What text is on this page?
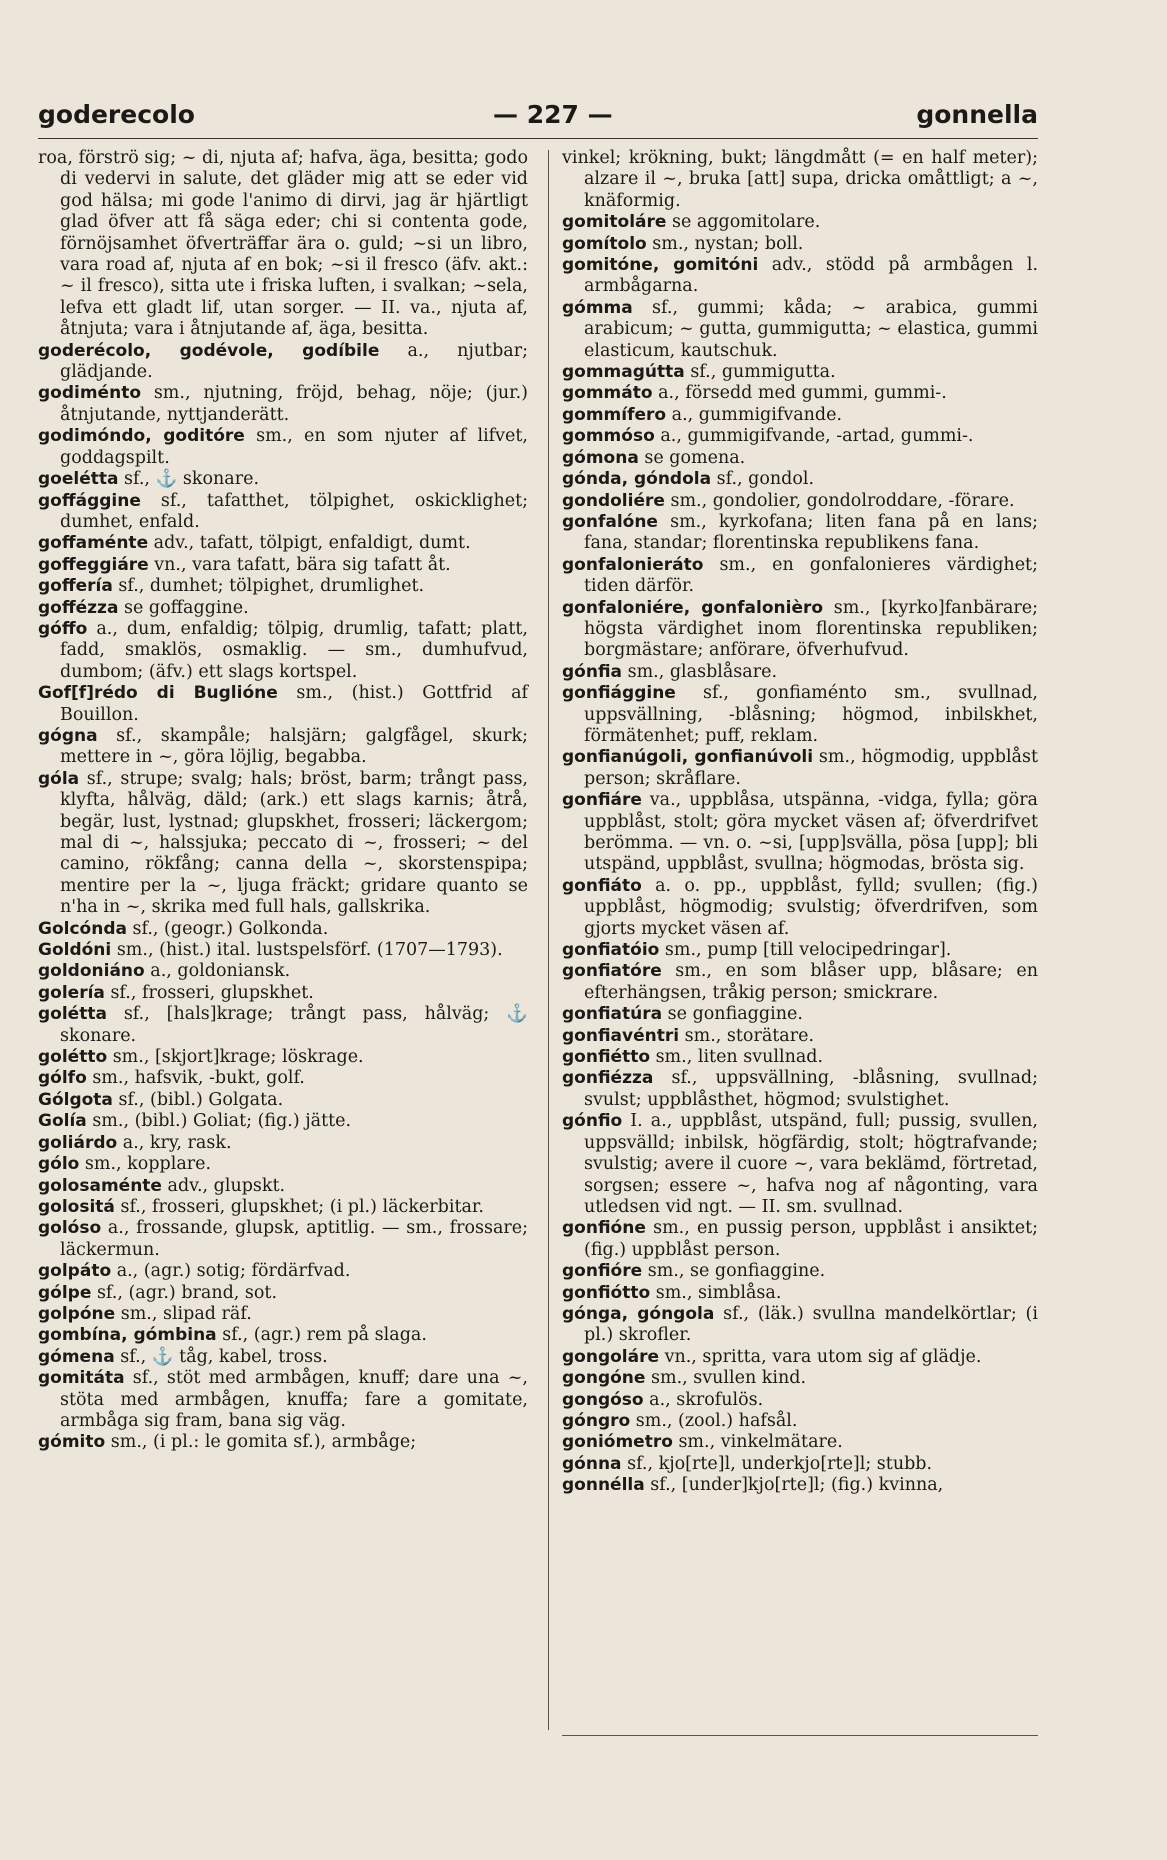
goderecolo	— 227 —	gonnella

roa, förströ sig; ~ di, njuta af; hafva, äga, besitta; godo di vedervi in salute, det gläder mig att se eder vid god hälsa; mi gode l'animo di dirvi, jag är hjärtligt glad öfver att få säga eder; chi si contenta gode, förnöjsamhet öfverträffar ära o. guld; ~si un libro, vara road af, njuta af en bok; ~si il fresco (äfv. akt.: ~ il fresco), sitta ute i friska luften, i svalkan; ~sela, lefva ett gladt lif, utan sorger. — II. va., njuta af, åtnjuta; vara i åtnjutande af, äga, besitta.

goderécolo, godévole, godíbile a., njutbar; glädjande.

godiménto sm., njutning, fröjd, behag, nöje; (jur.) åtnjutande, nyttjanderätt.

godimóndo, goditóre sm., en som njuter af lifvet, goddagspilt.

goelétta sf., ⚓ skonare.

goffággine sf., tafatthet, tölpighet, oskicklighet; dumhet, enfald.

goffaménte adv., tafatt, tölpigt, enfaldigt, dumt.

goffeggiáre vn., vara tafatt, bära sig tafatt åt.

goffería sf., dumhet; tölpighet, drumlighet.

goffézza se goffaggine.

góffo a., dum, enfaldig; tölpig, drumlig, tafatt; platt, fadd, smaklös, osmaklig. — sm., dumhufvud, dumbom; (äfv.) ett slags kortspel.

Gof[f]rédo di Buglióne sm., (hist.) Gottfrid af Bouillon.

gógna sf., skampåle; halsjärn; galgfågel, skurk; mettere in ~, göra löjlig, begabba.

góla sf., strupe; svalg; hals; bröst, barm; trångt pass, klyfta, hålväg, däld; (ark.) ett slags karnis; åtrå, begär, lust, lystnad; glupskhet, frosseri; läckergom; mal di ~, halssjuka; peccato di ~, frosseri; ~ del camino, rökfång; canna della ~, skorstenspipa; mentire per la ~, ljuga fräckt; gridare quanto se n'ha in ~, skrika med full hals, gallskrika.

Golcónda sf., (geogr.) Golkonda.

Goldóni sm., (hist.) ital. lustspelsförf. (1707—1793).

goldoniáno a., goldoniansk.

golería sf., frosseri, glupskhet.

golétta sf., [hals]krage; trångt pass, hålväg; ⚓ skonare.

golétto sm., [skjort]krage; löskrage.

gólfo sm., hafsvik, -bukt, golf.

Gólgota sf., (bibl.) Golgata.

Golía sm., (bibl.) Goliat; (fig.) jätte.

goliárdo a., kry, rask.

gólo sm., kopplare.

golosaménte adv., glupskt.

golositá sf., frosseri, glupskhet; (i pl.) läckerbitar.

golóso a., frossande, glupsk, aptitlig. — sm., frossare; läckermun.

golpáto a., (agr.) sotig; fördärfvad.

gólpe sf., (agr.) brand, sot.

golpóne sm., slipad räf.

gombína, gómbina sf., (agr.) rem på slaga.

gómena sf., ⚓ tåg, kabel, tross.

gomitáta sf., stöt med armbågen, knuff; dare una ~, stöta med armbågen, knuffa; fare a gomitate, armbåga sig fram, bana sig väg.

gómito sm., (i pl.: le gomita sf.), armbåge;

vinkel; krökning, bukt; längdmått (= en half meter); alzare il ~, bruka [att] supa, dricka omåttligt; a ~, knäformig.

gomitoláre se aggomitolare.

gomítolo sm., nystan; boll.

gomitóne, gomitóni adv., stödd på armbågen l. armbågarna.

gómma sf., gummi; kåda; ~ arabica, gummi arabicum; ~ gutta, gummigutta; ~ elastica, gummi elasticum, kautschuk.

gommagútta sf., gummigutta.

gommáto a., försedd med gummi, gummi-.

gommífero a., gummigifvande.

gommóso a., gummigifvande, -artad, gummi-.

gómona se gomena.

gónda, góndola sf., gondol.

gondoliére sm., gondolier, gondolroddare, -förare.

gonfalóne sm., kyrkofana; liten fana på en lans; fana, standar; florentinska republikens fana.

gonfalonieráto sm., en gonfalonieres värdighet; tiden därför.

gonfaloniére, gonfalonièro sm., [kyrko]fanbärare; högsta värdighet inom florentinska republiken; borgmästare; anförare, öfverhufvud.

gónfia sm., glasblåsare.

gonfiággine sf., gonfiaménto sm., svullnad, uppsvällning, -blåsning; högmod, inbilskhet, förmätenhet; puff, reklam.

gonfianúgoli, gonfianúvoli sm., högmodig, uppblåst person; skråflare.

gonfiáre va., uppblåsa, utspänna, -vidga, fylla; göra uppblåst, stolt; göra mycket väsen af; öfverdrifvet berömma. — vn. o. ~si, [upp]svälla, pösa [upp]; bli utspänd, uppblåst, svullna; högmodas, brösta sig.

gonfiáto a. o. pp., uppblåst, fylld; svullen; (fig.) uppblåst, högmodig; svulstig; öfverdrifven, som gjorts mycket väsen af.

gonfiatóio sm., pump [till velocipedringar].

gonfiatóre sm., en som blåser upp, blåsare; en efterhängsen, tråkig person; smickrare.

gonfiatúra se gonfiaggine.

gonfiavéntri sm., storätare.

gonfiétto sm., liten svullnad.

gonfiézza sf., uppsvällning, -blåsning, svullnad; svulst; uppblåsthet, högmod; svulstighet.

gónfio I. a., uppblåst, utspänd, full; pussig, svullen, uppsvälld; inbilsk, högfärdig, stolt; högtrafvande; svulstig; avere il cuore ~, vara beklämd, förtretad, sorgsen; essere ~, hafva nog af någonting, vara utledsen vid ngt. — II. sm. svullnad.

gonfióne sm., en pussig person, uppblåst i ansiktet; (fig.) uppblåst person.

gonfióre sm., se gonfiaggine.

gonfiótto sm., simblåsa.

gónga, góngola sf., (läk.) svullna mandelkörtlar; (i pl.) skrofler.

gongoláre vn., spritta, vara utom sig af glädje.

gongóne sm., svullen kind.

gongóso a., skrofulös.

góngro sm., (zool.) hafsål.

goniómetro sm., vinkelmätare.

gónna sf., kjo[rte]l, underkjo[rte]l; stubb.

gonnélla sf., [under]kjo[rte]l; (fig.) kvinna,
